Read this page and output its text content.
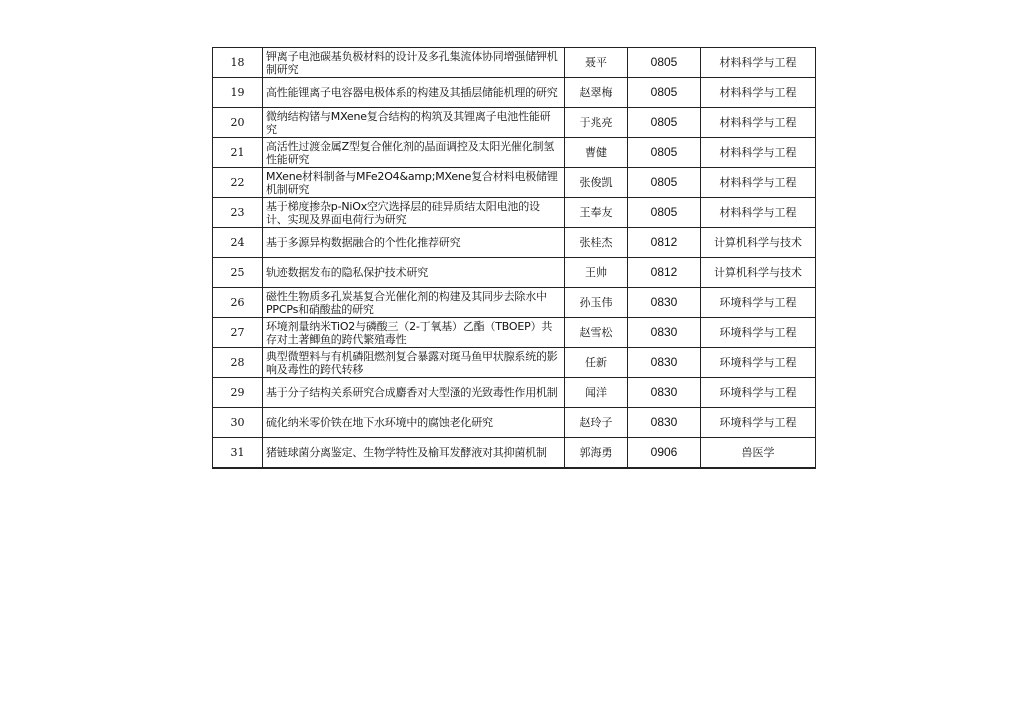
18	钾离子电池碳基负极材料的设计及多孔集流体协同增强储钾机制研究	聂平	0805	材料科学与工程
19	高性能锂离子电容器电极体系的构建及其插层储能机理的研究	赵翠梅	0805	材料科学与工程
20	微纳结构锗与MXene复合结构的构筑及其锂离子电池性能研究	于兆亮	0805	材料科学与工程
21	高活性过渡金属Z型复合催化剂的晶面调控及太阳光催化制氢性能研究	曹健	0805	材料科学与工程
22	MXene材料制备与MFe2O4&amp;MXene复合材料电极储锂机制研究	张俊凯	0805	材料科学与工程
23	基于梯度掺杂p-NiOx空穴选择层的硅异质结太阳电池的设计、实现及界面电荷行为研究	王奉友	0805	材料科学与工程
24	基于多源异构数据融合的个性化推荐研究	张桂杰	0812	计算机科学与技术
25	轨迹数据发布的隐私保护技术研究	王帅	0812	计算机科学与技术
26	磁性生物质多孔炭基复合光催化剂的构建及其同步去除水中PPCPs和硝酸盐的研究	孙玉伟	0830	环境科学与工程
27	环境剂量纳米TiO2与磷酸三（2-丁氧基）乙酯（TBOEP）共存对土著鲫鱼的跨代繁殖毒性	赵雪松	0830	环境科学与工程
28	典型微塑料与有机磷阻燃剂复合暴露对斑马鱼甲状腺系统的影响及毒性的跨代转移	任新	0830	环境科学与工程
29	基于分子结构关系研究合成麝香对大型溞的光致毒性作用机制	闻洋	0830	环境科学与工程
30	硫化纳米零价铁在地下水环境中的腐蚀老化研究	赵玲子	0830	环境科学与工程
31	猪链球菌分离鉴定、生物学特性及榆耳发酵液对其抑菌机制	郭海勇	0906	兽医学
